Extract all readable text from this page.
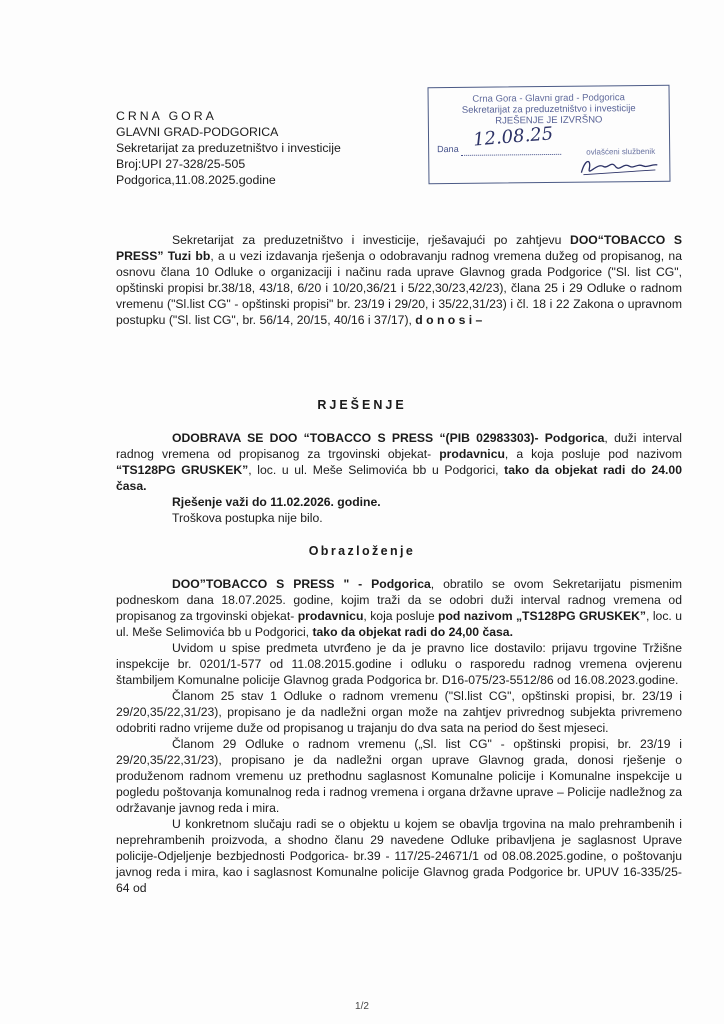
CRNA GORA
GLAVNI GRAD-PODGORICA
Sekretarijat za preduzetništvo i investicije
Broj:UPI 27-328/25-505
Podgorica,11.08.2025.godine
Crna Gora - Glavni grad - Podgorica
Sekretarijat za preduzetništvo i investicije
RJEŠENJE JE IZVRŠNO
Dana 12.08.25
ovlašćeni službenik
Sekretarijat za preduzetništvo i investicije, rješavajući po zahtjevu DOO“TOBACCO S PRESS” Tuzi bb, a u vezi izdavanja rješenja o odobravanju radnog vremena dužeg od propisanog, na osnovu člana 10 Odluke o organizaciji i načinu rada uprave Glavnog grada Podgorice ("Sl. list CG", opštinski propisi br.38/18, 43/18, 6/20 i 10/20,36/21 i 5/22,30/23,42/23), člana 25 i 29 Odluke o radnom vremenu ("Sl.list CG" - opštinski propisi" br. 23/19 i 29/20, i 35/22,31/23) i čl. 18 i 22 Zakona o upravnom postupku ("Sl. list CG", br. 56/14, 20/15, 40/16 i 37/17), d o n o s i –
RJEŠENJE

ODOBRAVA SE DOO “TOBACCO S PRESS “(PIB 02983303)- Podgorica, duži interval radnog vremena od propisanog za trgovinski objekat- prodavnicu, a koja posluje pod nazivom “TS128PG GRUSKEK”, loc. u ul. Meše Selimovića bb u Podgorici, tako da objekat radi do 24.00 časa.

Rješenje važi do 11.02.2026. godine.

Troškova postupka nije bilo.

Obrazloženje

DOO”TOBACCO S PRESS " - Podgorica, obratilo se ovom Sekretarijatu pismenim podneskom dana 18.07.2025. godine, kojim traži da se odobri duži interval radnog vremena od propisanog za trgovinski objekat- prodavnicu, koja posluje pod nazivom „TS128PG GRUSKEK”, loc. u ul. Meše Selimovića bb u Podgorici, tako da objekat radi do 24,00 časa.

Uvidom u spise predmeta utvrđeno je da je pravno lice dostavilo: prijavu trgovine Tržišne inspekcije br. 0201/1-577 od 11.08.2015.godine i odluku o rasporedu radnog vremena ovjerenu štambiljem Komunalne policije Glavnog grada Podgorica br. D16-075/23-5512/86 od 16.08.2023.godine.

Članom 25 stav 1 Odluke o radnom vremenu ("Sl.list CG", opštinski propisi, br. 23/19 i 29/20,35/22,31/23), propisano je da nadležni organ može na zahtjev privrednog subjekta privremeno odobriti radno vrijeme duže od propisanog u trajanju do dva sata na period do šest mjeseci.

Članom 29 Odluke o radnom vremenu („Sl. list CG" - opštinski propisi, br. 23/19 i 29/20,35/22,31/23), propisano je da nadležni organ uprave Glavnog grada, donosi rješenje o produženom radnom vremenu uz prethodnu saglasnost Komunalne policije i Komunalne inspekcije u pogledu poštovanja komunalnog reda i radnog vremena i organa državne uprave – Policije nadležnog za održavanje javnog reda i mira.

U konkretnom slučaju radi se o objektu u kojem se obavlja trgovina na malo prehrambenih i neprehrambenih proizvoda, a shodno članu 29 navedene Odluke pribavljena je saglasnost Uprave policije-Odjeljenje bezbjednosti Podgorica- br.39 - 117/25-24671/1 od 08.08.2025.godine, o poštovanju javnog reda i mira, kao i saglasnost Komunalne policije Glavnog grada Podgorice br. UPUV 16-335/25-64 od

1/2
